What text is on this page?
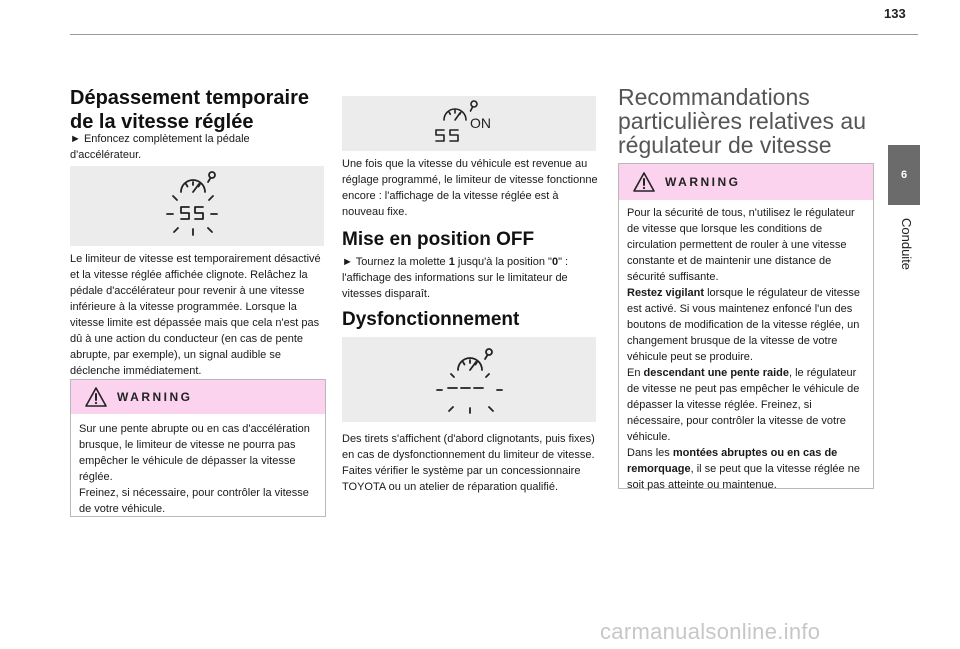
133
6
Conduite
Dépassement temporaire de la vitesse réglée
► Enfoncez complètement la pédale d'accélérateur.
Le limiteur de vitesse est temporairement désactivé et la vitesse réglée affichée clignote. Relâchez la pédale d'accélérateur pour revenir à une vitesse inférieure à la vitesse programmée. Lorsque la vitesse limite est dépassée mais que cela n'est pas dû à une action du conducteur (en cas de pente abrupte, par exemple), un signal audible se déclenche immédiatement.
WARNING
Sur une pente abrupte ou en cas d'accélération brusque, le limiteur de vitesse ne pourra pas empêcher le véhicule de dépasser la vitesse réglée.
Freinez, si nécessaire, pour contrôler la vitesse de votre véhicule.
ON
Une fois que la vitesse du véhicule est revenue au réglage programmé, le limiteur de vitesse fonctionne encore : l'affichage de la vitesse réglée est à nouveau fixe.
Mise en position OFF
► Tournez la molette 1 jusqu'à la position "0" : l'affichage des informations sur le limitateur de vitesses disparaît.
Dysfonctionnement
Des tirets s'affichent (d'abord clignotants, puis fixes) en cas de dysfonctionnement du limiteur de vitesse.
Faites vérifier le système par un concessionnaire TOYOTA ou un atelier de réparation qualifié.
Recommandations particulières relatives au régulateur de vitesse
WARNING
Pour la sécurité de tous, n'utilisez le régulateur de vitesse que lorsque les conditions de circulation permettent de rouler à une vitesse constante et de maintenir une distance de sécurité suffisante.
Restez vigilant lorsque le régulateur de vitesse est activé. Si vous maintenez enfoncé l'un des boutons de modification de la vitesse réglée, un changement brusque de la vitesse de votre véhicule peut se produire.
En descendant une pente raide, le régulateur de vitesse ne peut pas empêcher le véhicule de dépasser la vitesse réglée. Freinez, si nécessaire, pour contrôler la vitesse de votre véhicule.
Dans les montées abruptes ou en cas de remorquage, il se peut que la vitesse réglée ne soit pas atteinte ou maintenue.
carmanualsonline.info
